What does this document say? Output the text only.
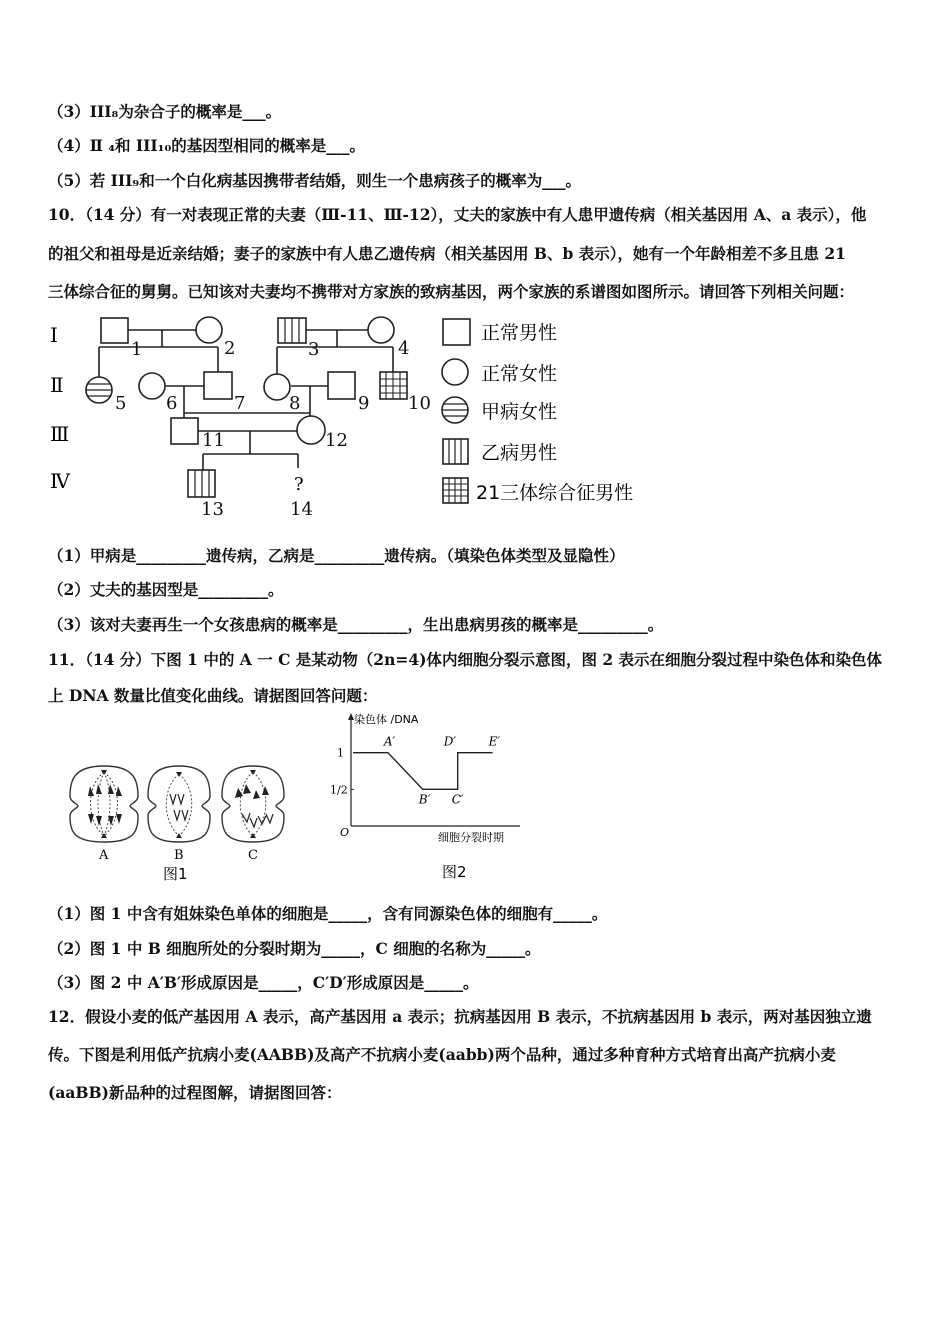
（3）III₈为杂合子的概率是___。
（4）Ⅱ ₄和 III₁₀的基因型相同的概率是___。
（5）若 III₉和一个白化病基因携带者结婚，则生一个患病孩子的概率为___。
10．（14 分）有一对表现正常的夫妻（Ⅲ-11、Ⅲ-12），丈夫的家族中有人患甲遗传病（相关基因用 A、a 表示），他
的祖父和祖母是近亲结婚；妻子的家族中有人患乙遗传病（相关基因用 B、b 表示），她有一个年龄相差不多且患 21
三体综合征的舅舅。已知该对夫妻均不携带对方家族的致病基因，两个家族的系谱图如图所示。请回答下列相关问题：
Ⅰ
Ⅱ
Ⅲ
Ⅳ	?
1	2	3	4
5 6	7 8	9 10
11	12
13	14
正常男性
正常女性
甲病女性
乙病男性
21三体综合征男性
（1）甲病是_________遗传病，乙病是_________遗传病。（填染色体类型及显隐性）
（2）丈夫的基因型是_________。
（3）该对夫妻再生一个女孩患病的概率是_________，生出患病男孩的概率是_________。
11．（14 分）下图 1 中的 A 一 C 是某动物（2n=4)体内细胞分裂示意图，图 2 表示在细胞分裂过程中染色体和染色体
上 DNA 数量比值变化曲线。请据图回答问题：
A	B	C
图1
染色体 /DNA
O	细胞分裂时期
1
1/2
A′
B′ C′
D′	E′
图2
（1）图 1 中含有姐妹染色单体的细胞是_____，含有同源染色体的细胞有_____。
（2）图 1 中 B 细胞所处的分裂时期为_____，C 细胞的名称为_____。
（3）图 2 中 A′B′形成原因是_____，C′D′形成原因是_____。
12．假设小麦的低产基因用 A 表示，高产基因用 a 表示；抗病基因用 B 表示，不抗病基因用 b 表示，两对基因独立遗
传。下图是利用低产抗病小麦(AABB)及高产不抗病小麦(aabb)两个品种，通过多种育种方式培育出高产抗病小麦
(aaBB)新品种的过程图解，请据图回答：
